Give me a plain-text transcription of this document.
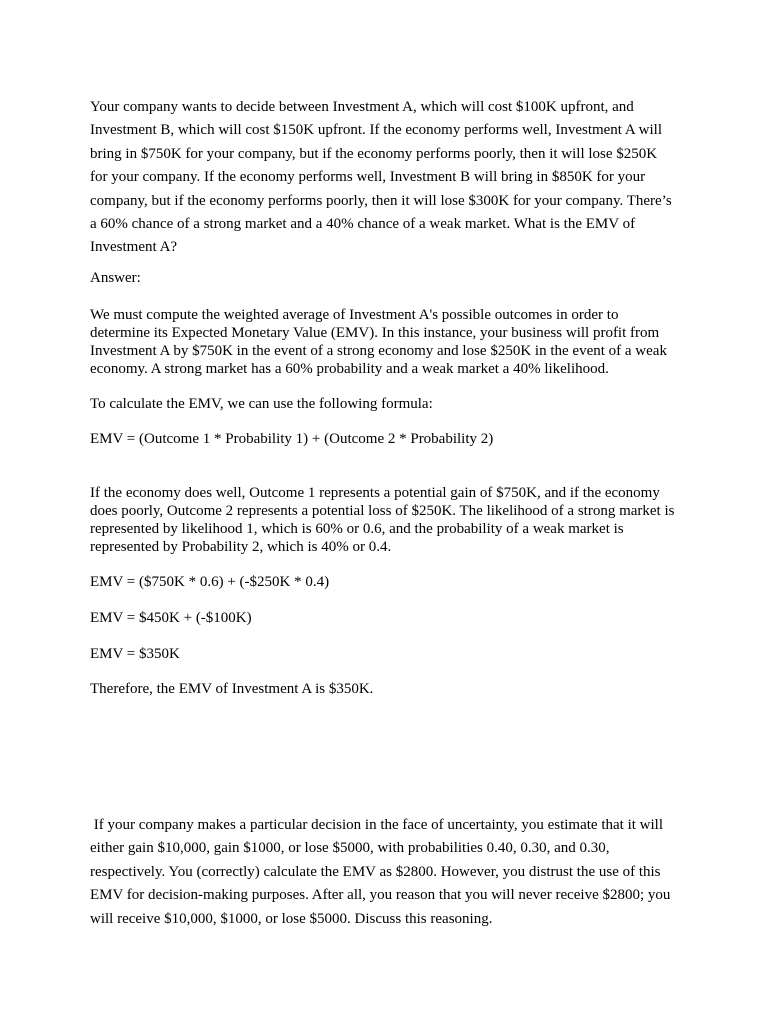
Your company wants to decide between Investment A, which will cost $100K upfront, and Investment B, which will cost $150K upfront. If the economy performs well, Investment A will bring in $750K for your company, but if the economy performs poorly, then it will lose $250K for your company. If the economy performs well, Investment B will bring in $850K for your company, but if the economy performs poorly, then it will lose $300K for your company. There’s a 60% chance of a strong market and a 40% chance of a weak market. What is the EMV of Investment A?

Answer:

We must compute the weighted average of Investment A's possible outcomes in order to determine its Expected Monetary Value (EMV). In this instance, your business will profit from Investment A by $750K in the event of a strong economy and lose $250K in the event of a weak economy. A strong market has a 60% probability and a weak market a 40% likelihood.

To calculate the EMV, we can use the following formula:

EMV = (Outcome 1 * Probability 1) + (Outcome 2 * Probability 2)

If the economy does well, Outcome 1 represents a potential gain of $750K, and if the economy does poorly, Outcome 2 represents a potential loss of $250K. The likelihood of a strong market is represented by likelihood 1, which is 60% or 0.6, and the probability of a weak market is represented by Probability 2, which is 40% or 0.4.

EMV = ($750K * 0.6) + (-$250K * 0.4)

EMV = $450K + (-$100K)

EMV = $350K

Therefore, the EMV of Investment A is $350K.

If your company makes a particular decision in the face of uncertainty, you estimate that it will either gain $10,000, gain $1000, or lose $5000, with probabilities 0.40, 0.30, and 0.30, respectively. You (correctly) calculate the EMV as $2800. However, you distrust the use of this EMV for decision-making purposes. After all, you reason that you will never receive $2800; you will receive $10,000, $1000, or lose $5000. Discuss this reasoning.
